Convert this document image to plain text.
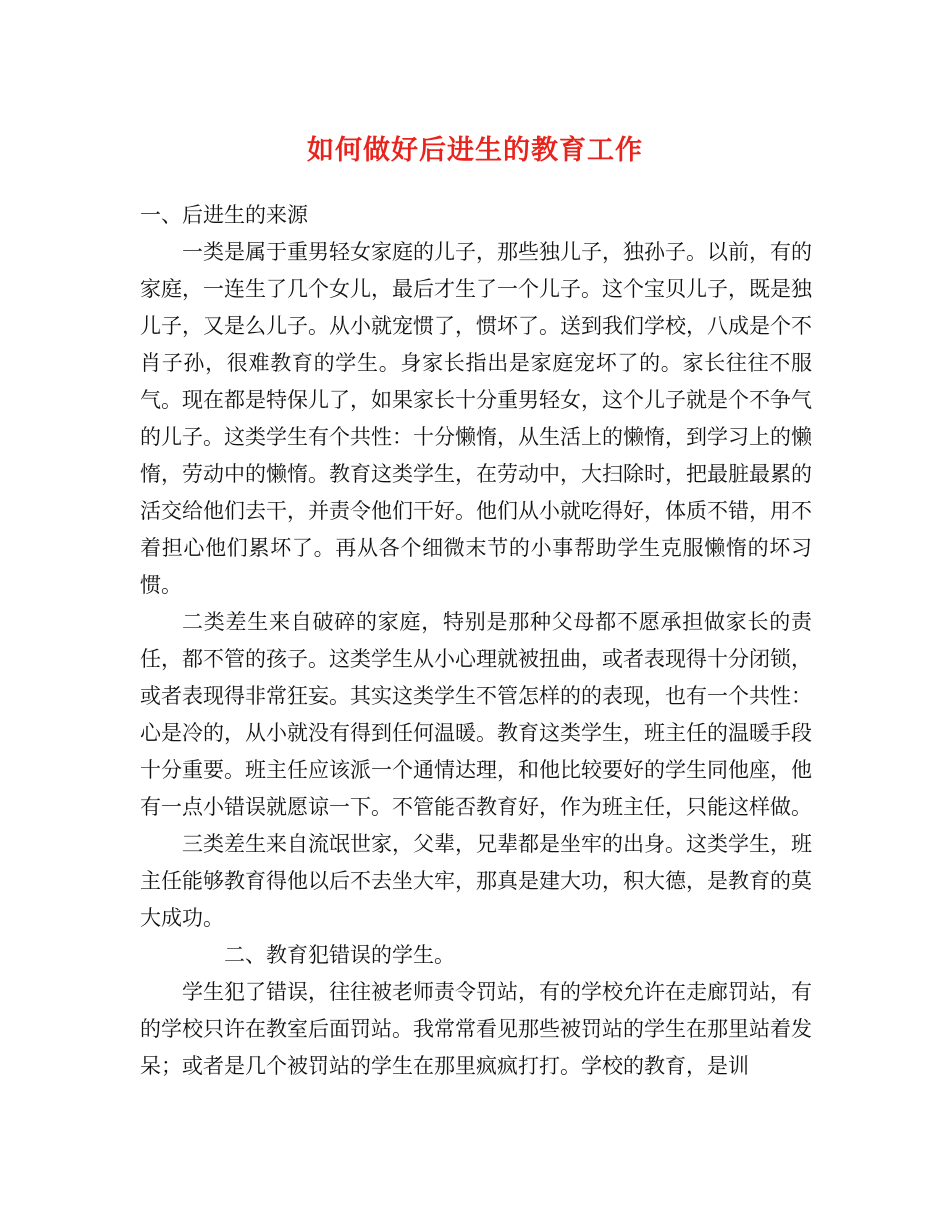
如何做好后进生的教育工作

一、后进生的来源

一类是属于重男轻女家庭的儿子，那些独儿子，独孙子。以前，有的家庭，一连生了几个女儿，最后才生了一个儿子。这个宝贝儿子，既是独儿子，又是么儿子。从小就宠惯了，惯坏了。送到我们学校，八成是个不肖子孙，很难教育的学生。身家长指出是家庭宠坏了的。家长往往不服气。现在都是特保儿了，如果家长十分重男轻女，这个儿子就是个不争气的儿子。这类学生有个共性：十分懒惰，从生活上的懒惰，到学习上的懒惰，劳动中的懒惰。教育这类学生，在劳动中，大扫除时，把最脏最累的活交给他们去干，并责令他们干好。他们从小就吃得好，体质不错，用不着担心他们累坏了。再从各个细微末节的小事帮助学生克服懒惰的坏习惯。

二类差生来自破碎的家庭，特别是那种父母都不愿承担做家长的责任，都不管的孩子。这类学生从小心理就被扭曲，或者表现得十分闭锁，或者表现得非常狂妄。其实这类学生不管怎样的的表现，也有一个共性：心是冷的，从小就没有得到任何温暖。教育这类学生，班主任的温暖手段十分重要。班主任应该派一个通情达理，和他比较要好的学生同他座，他有一点小错误就愿谅一下。不管能否教育好，作为班主任，只能这样做。

三类差生来自流氓世家，父辈，兄辈都是坐牢的出身。这类学生，班主任能够教育得他以后不去坐大牢，那真是建大功，积大德，是教育的莫大成功。

二、教育犯错误的学生。

学生犯了错误，往往被老师责令罚站，有的学校允许在走廊罚站，有的学校只许在教室后面罚站。我常常看见那些被罚站的学生在那里站着发呆；或者是几个被罚站的学生在那里疯疯打打。学校的教育，是训
